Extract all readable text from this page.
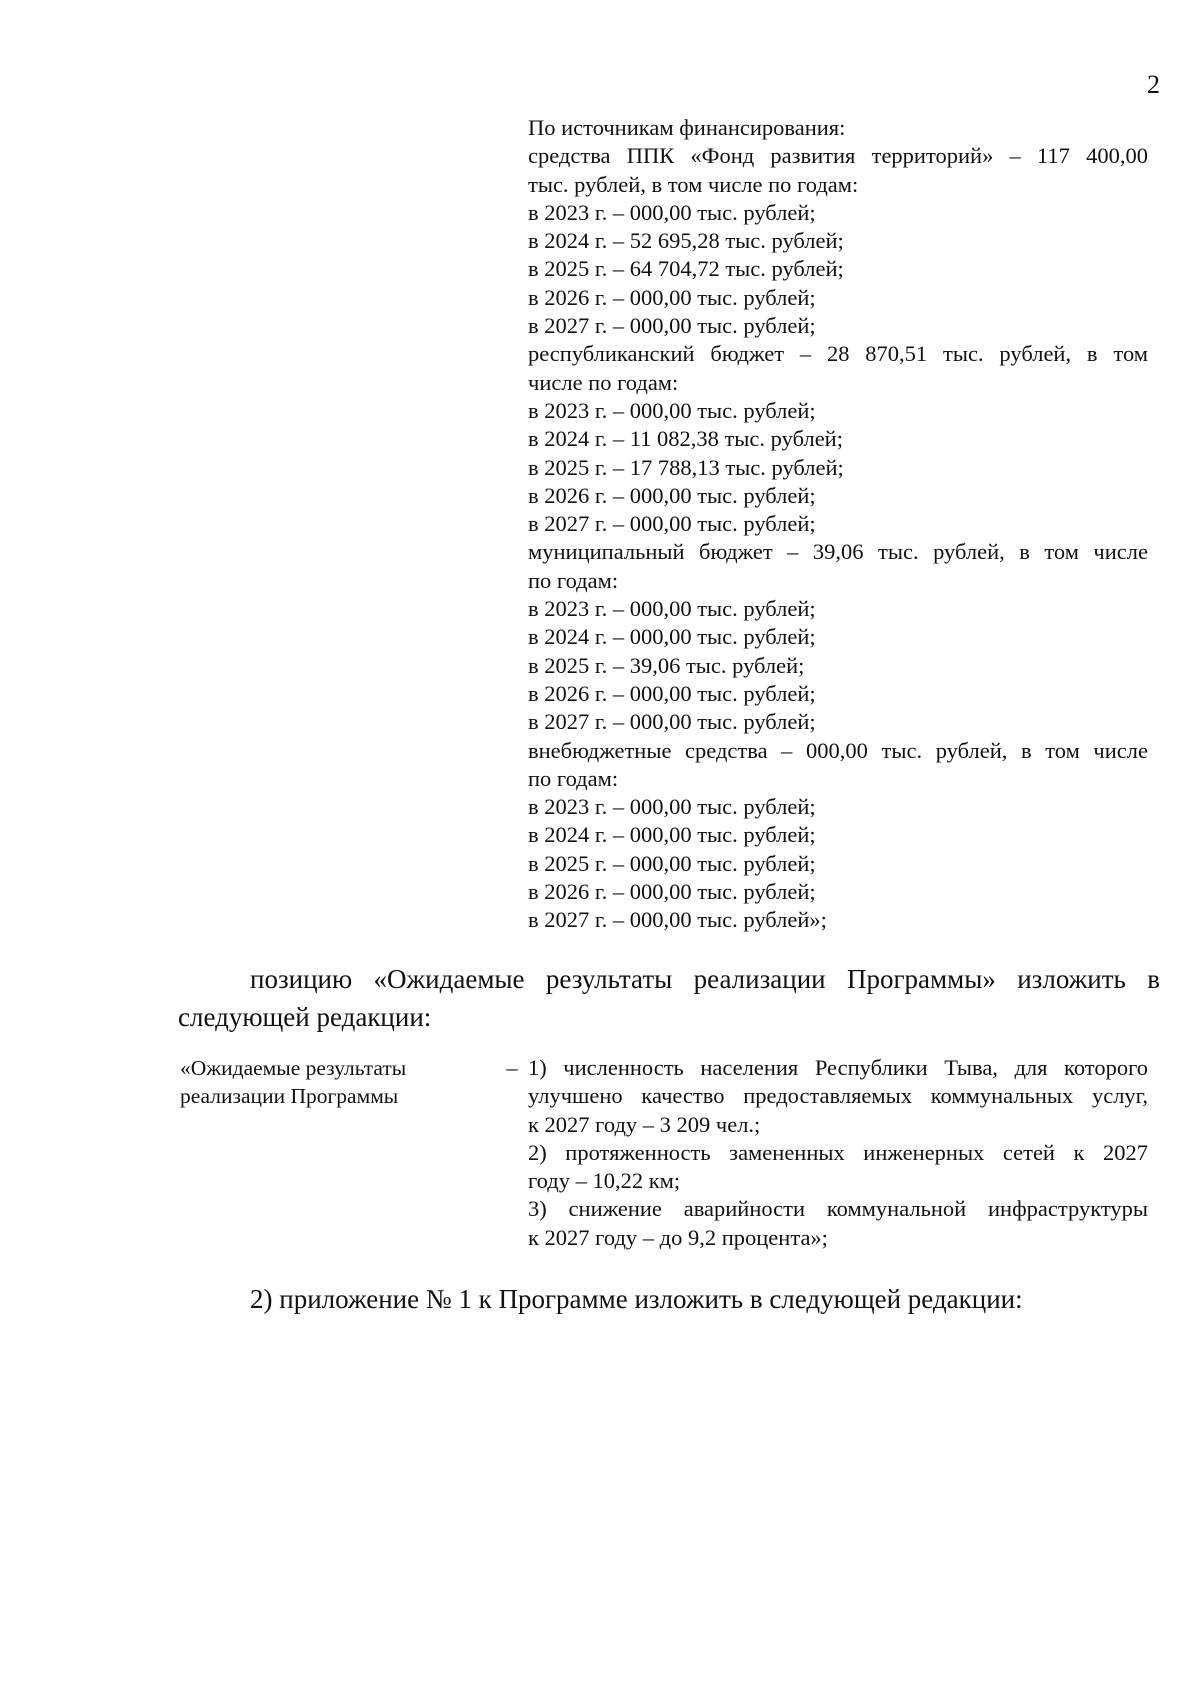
2
По источникам финансирования:
средства ППК «Фонд развития территорий» – 117 400,00
тыс. рублей, в том числе по годам:
в 2023 г. – 000,00 тыс. рублей;
в 2024 г. – 52 695,28 тыс. рублей;
в 2025 г. – 64 704,72 тыс. рублей;
в 2026 г. – 000,00 тыс. рублей;
в 2027 г. – 000,00 тыс. рублей;
республиканский бюджет – 28 870,51 тыс. рублей, в том
числе по годам:
в 2023 г. – 000,00 тыс. рублей;
в 2024 г. – 11 082,38 тыс. рублей;
в 2025 г. – 17 788,13 тыс. рублей;
в 2026 г. – 000,00 тыс. рублей;
в 2027 г. – 000,00 тыс. рублей;
муниципальный бюджет – 39,06 тыс. рублей, в том числе
по годам:
в 2023 г. – 000,00 тыс. рублей;
в 2024 г. – 000,00 тыс. рублей;
в 2025 г. – 39,06 тыс. рублей;
в 2026 г. – 000,00 тыс. рублей;
в 2027 г. – 000,00 тыс. рублей;
внебюджетные средства – 000,00 тыс. рублей, в том числе
по годам:
в 2023 г. – 000,00 тыс. рублей;
в 2024 г. – 000,00 тыс. рублей;
в 2025 г. – 000,00 тыс. рублей;
в 2026 г. – 000,00 тыс. рублей;
в 2027 г. – 000,00 тыс. рублей»;
позицию «Ожидаемые результаты реализации Программы» изложить в
следующей редакции:
«Ожидаемые результаты
реализации Программы
– 1) численность населения Республики Тыва, для которого
улучшено качество предоставляемых коммунальных услуг,
к 2027 году – 3 209 чел.;
2) протяженность замененных инженерных сетей к 2027
году – 10,22 км;
3) снижение аварийности коммунальной инфраструктуры
к 2027 году – до 9,2 процента»;
2) приложение № 1 к Программе изложить в следующей редакции:
